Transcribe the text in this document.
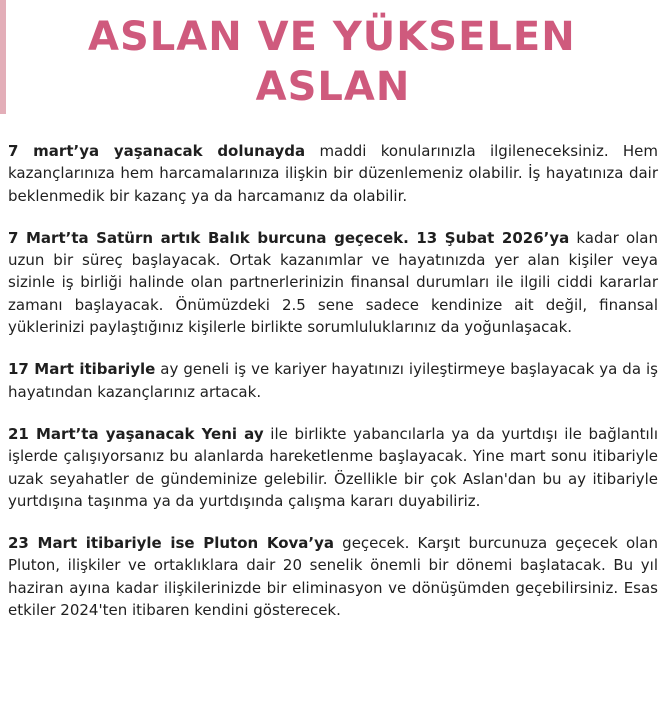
ASLAN VE YÜKSELEN
ASLAN

7 mart’ya yaşanacak dolunayda maddi konularınızla ilgileneceksiniz. Hem kazançlarınıza hem harcamalarınıza ilişkin bir düzenlemeniz olabilir. İş hayatınıza dair beklenmedik bir kazanç ya da harcamanız da olabilir.

7 Mart’ta Satürn artık Balık burcuna geçecek. 13 Şubat 2026’ya kadar olan uzun bir süreç başlayacak. Ortak kazanımlar ve hayatınızda yer alan kişiler veya sizinle iş birliği halinde olan partnerlerinizin finansal durumları ile ilgili ciddi kararlar zamanı başlayacak. Önümüzdeki 2.5 sene sadece kendinize ait değil, finansal yüklerinizi paylaştığınız kişilerle birlikte sorumluluklarınız da yoğunlaşacak.

17 Mart itibariyle ay geneli iş ve kariyer hayatınızı iyileştirmeye başlayacak ya da iş hayatından kazançlarınız artacak.

21 Mart’ta yaşanacak Yeni ay ile birlikte yabancılarla ya da yurtdışı ile bağlantılı işlerde çalışıyorsanız bu alanlarda hareketlenme başlayacak. Yine mart sonu itibariyle uzak seyahatler de gündeminize gelebilir. Özellikle bir çok Aslan'dan bu ay itibariyle yurtdışına taşınma ya da yurtdışında çalışma kararı duyabiliriz.

23 Mart itibariyle ise Pluton Kova’ya geçecek. Karşıt burcunuza geçecek olan Pluton, ilişkiler ve ortaklıklara dair 20 senelik önemli bir dönemi başlatacak. Bu yıl haziran ayına kadar ilişkilerinizde bir eliminasyon ve dönüşümden geçebilirsiniz. Esas etkiler 2024'ten itibaren kendini gösterecek.
